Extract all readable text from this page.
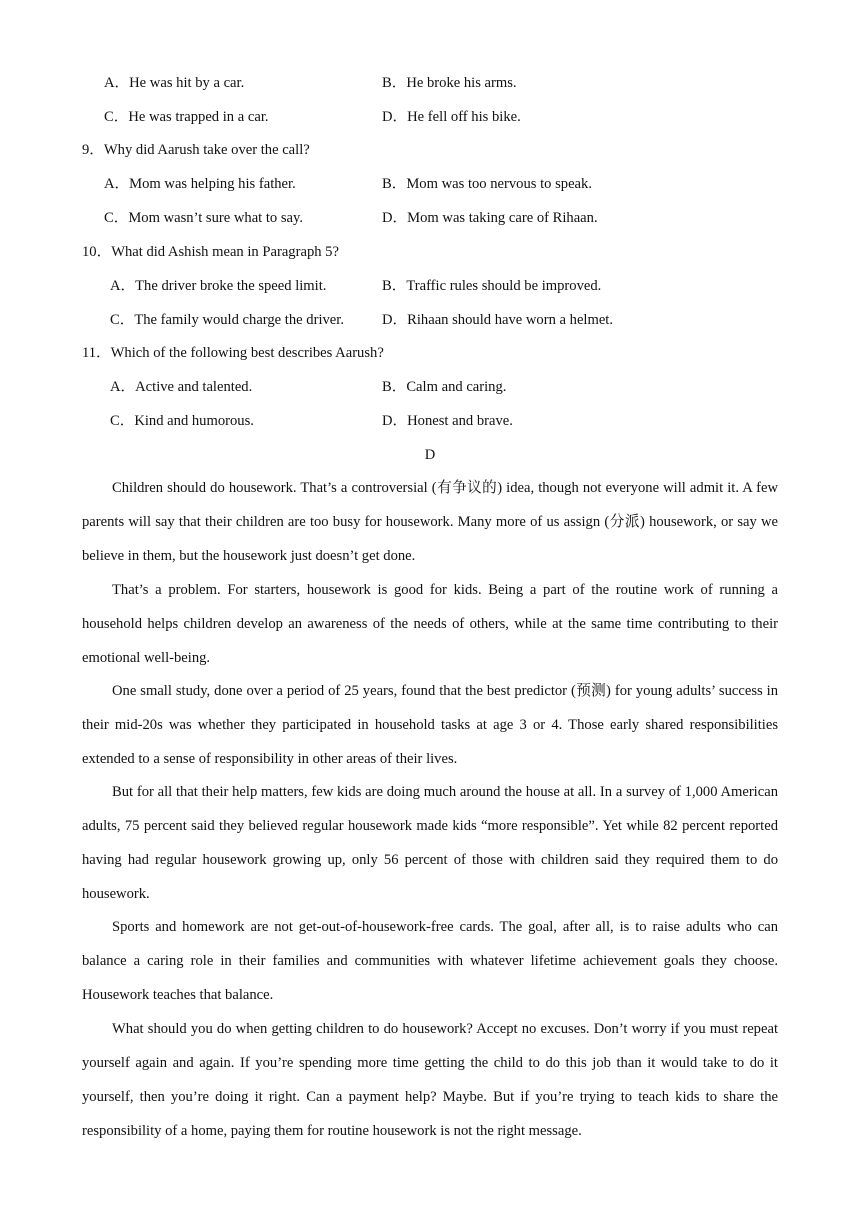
A．He was hit by a car.	B．He broke his arms.
C．He was trapped in a car.	D．He fell off his bike.
9．Why did Aarush take over the call?
A．Mom was helping his father.	B．Mom was too nervous to speak.
C．Mom wasn’t sure what to say.	D．Mom was taking care of Rihaan.
10．What did Ashish mean in Paragraph 5?
A．The driver broke the speed limit.	B．Traffic rules should be improved.
C．The family would charge the driver.	D．Rihaan should have worn a helmet.
11．Which of the following best describes Aarush?
A．Active and talented.	B．Calm and caring.
C．Kind and humorous.	D．Honest and brave.
D

Children should do housework. That’s a controversial (有争议的) idea, though not everyone will admit it. A few parents will say that their children are too busy for housework. Many more of us assign (分派) housework, or say we believe in them, but the housework just doesn’t get done.

That’s a problem. For starters, housework is good for kids. Being a part of the routine work of running a household helps children develop an awareness of the needs of others, while at the same time contributing to their emotional well-being.

One small study, done over a period of 25 years, found that the best predictor (预测) for young adults’ success in their mid-20s was whether they participated in household tasks at age 3 or 4. Those early shared responsibilities extended to a sense of responsibility in other areas of their lives.

But for all that their help matters, few kids are doing much around the house at all. In a survey of 1,000 American adults, 75 percent said they believed regular housework made kids “more responsible”. Yet while 82 percent reported having had regular housework growing up, only 56 percent of those with children said they required them to do housework.

Sports and homework are not get-out-of-housework-free cards. The goal, after all, is to raise adults who can balance a caring role in their families and communities with whatever lifetime achievement goals they choose. Housework teaches that balance.

What should you do when getting children to do housework? Accept no excuses. Don’t worry if you must repeat yourself again and again. If you’re spending more time getting the child to do this job than it would take to do it yourself, then you’re doing it right. Can a payment help? Maybe. But if you’re trying to teach kids to share the responsibility of a home, paying them for routine housework is not the right message.
